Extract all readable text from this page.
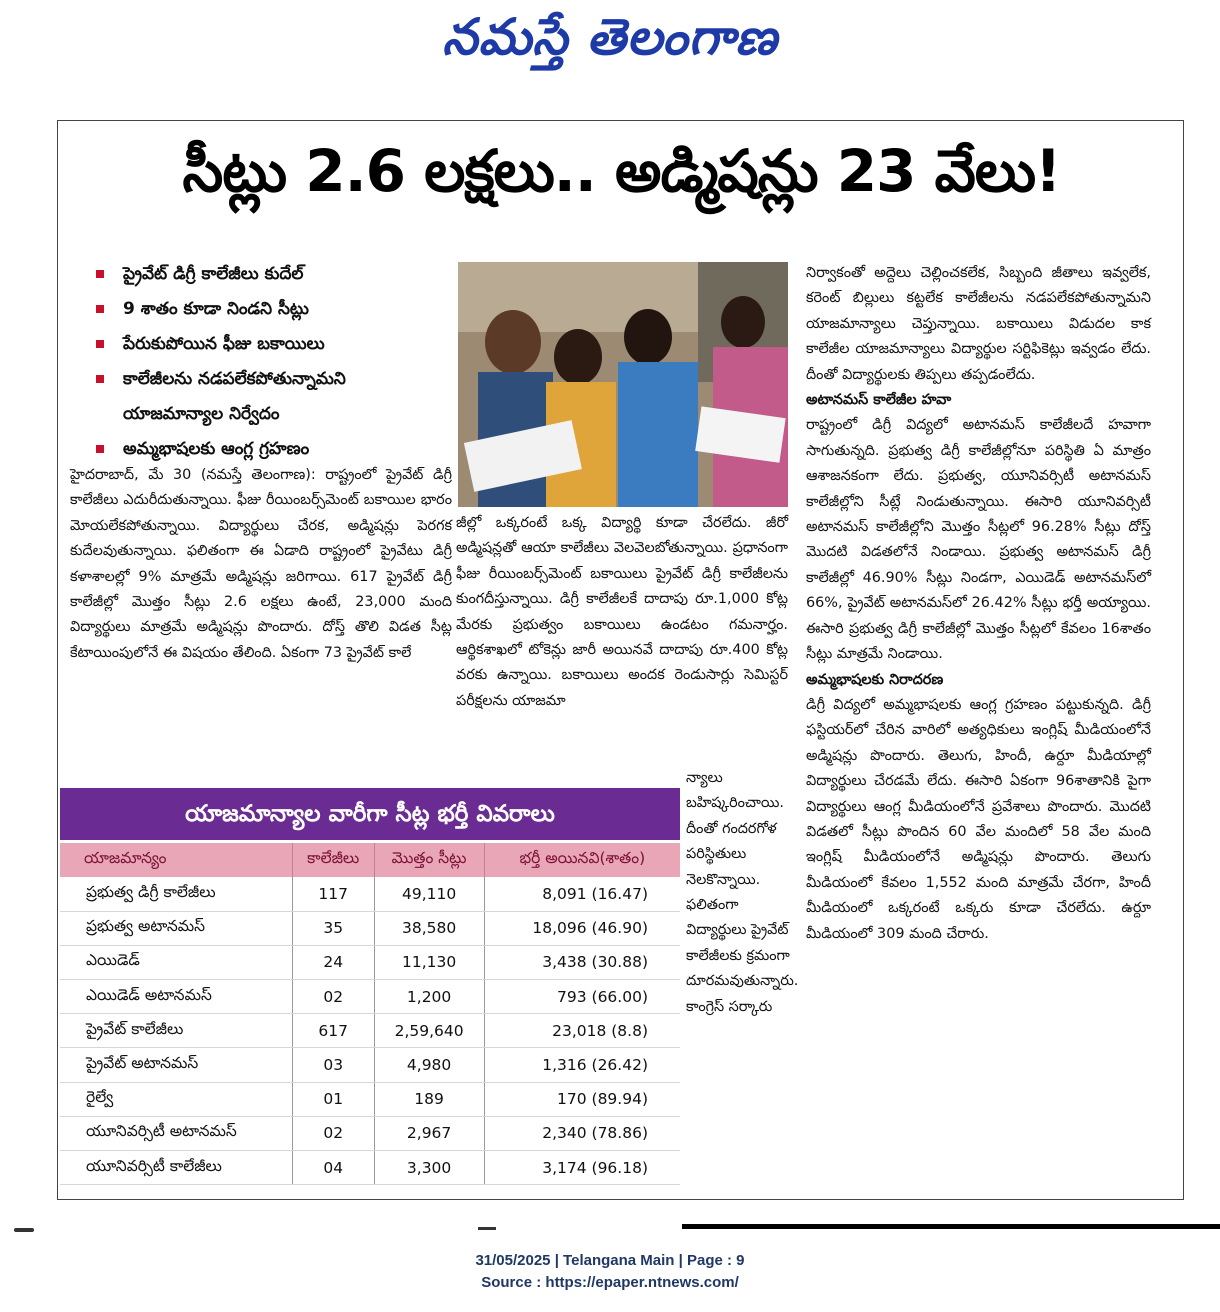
నమస్తే తెలంగాణ
సీట్లు 2.6 లక్షలు.. అడ్మిషన్లు 23 వేలు!
ప్రైవేట్ డిగ్రీ కాలేజీలు కుదేల్
9 శాతం కూడా నిండని సీట్లు
పేరుకుపోయిన ఫీజు బకాయిలు
కాలేజీలను నడపలేకపోతున్నామని
యాజమాన్యాల నిర్వేదం
అమ్మభాషలకు ఆంగ్ల గ్రహణం

హైదరాబాద్, మే 30 (నమస్తే తెలంగాణ): రాష్ట్రంలో ప్రైవేట్ డిగ్రీ కాలేజీలు ఎదురీదుతున్నాయి. ఫీజు రీయింబర్స్‌మెంట్ బకాయిల భారం మోయలేకపోతున్నాయి. విద్యార్థులు చేరక, అడ్మిషన్లు పెరగక కుదేలవుతున్నాయి. ఫలితంగా ఈ ఏడాది రాష్ట్రంలో ప్రైవేటు డిగ్రీ కళాశాలల్లో 9% మాత్రమే అడ్మిషన్లు జరిగాయి. 617 ప్రైవేట్ డిగ్రీ కాలేజీల్లో మొత్తం సీట్లు 2.6 లక్షలు ఉంటే, 23,000 మంది విద్యార్థులు మాత్రమే అడ్మిషన్లు పొందారు. దోస్త్ తొలి విడత సీట్ల కేటాయింపులోనే ఈ విషయం తేలింది. ఏకంగా 73 ప్రైవేట్ కాలే

జీల్లో ఒక్కరంటే ఒక్క విద్యార్థి కూడా చేరలేదు. జీరో అడ్మిషన్లతో ఆయా కాలేజీలు వెలవెలబోతున్నాయి. ప్రధానంగా ఫీజు రీయింబర్స్‌మెంట్ బకాయిలు ప్రైవేట్ డిగ్రీ కాలేజీలను కుంగదీస్తున్నాయి. డిగ్రీ కాలేజీలకే దాదాపు రూ.1,000 కోట్ల మేరకు ప్రభుత్వం బకాయిలు ఉండటం గమనార్హం. ఆర్థికశాఖలో టోకెన్లు జారీ అయినవే దాదాపు రూ.400 కోట్ల వరకు ఉన్నాయి. బకాయిలు అందక రెండుసార్లు సెమిస్టర్ పరీక్షలను యాజమా

న్యాలు బహిష్కరించాయి. దీంతో గందరగోళ పరిస్థితులు నెలకొన్నాయి. ఫలితంగా విద్యార్థులు ప్రైవేట్ కాలేజీలకు క్రమంగా దూరమవుతున్నారు. కాంగ్రెస్ సర్కారు

నిర్వాకంతో అద్దెలు చెల్లించకలేక, సిబ్బంది జీతాలు ఇవ్వలేక, కరెంట్ బిల్లులు కట్టలేక కాలేజీలను నడపలేకపోతున్నామని యాజమాన్యాలు చెప్తున్నాయి. బకాయిలు విడుదల కాక కాలేజీల యాజమాన్యాలు విద్యార్థుల సర్టిఫికెట్లు ఇవ్వడం లేదు. దీంతో విద్యార్థులకు తిప్పలు తప్పడంలేదు.

అటానమస్ కాలేజీల హవా

రాష్ట్రంలో డిగ్రీ విద్యలో అటానమస్ కాలేజీలదే హవాగా సాగుతున్నది. ప్రభుత్వ డిగ్రీ కాలేజీల్లోనూ పరిస్థితి ఏ మాత్రం ఆశాజనకంగా లేదు. ప్రభుత్వ, యూనివర్సిటీ అటానమస్ కాలేజీల్లోని సీట్లే నిండుతున్నాయి. ఈసారి యూనివర్సిటీ అటానమస్ కాలేజీల్లోని మొత్తం సీట్లలో 96.28% సీట్లు దోస్త్ మొదటి విడతలోనే నిండాయి. ప్రభుత్వ అటానమస్ డిగ్రీ కాలేజీల్లో 46.90% సీట్లు నిండగా, ఎయిడెడ్ అటానమస్‌లో 66%, ప్రైవేట్ అటానమస్‌లో 26.42% సీట్లు భర్తీ అయ్యాయి. ఈసారి ప్రభుత్వ డిగ్రీ కాలేజీల్లో మొత్తం సీట్లలో కేవలం 16శాతం సీట్లు మాత్రమే నిండాయి.

అమ్మభాషలకు నిరాదరణ

డిగ్రీ విద్యలో అమ్మభాషలకు ఆంగ్ల గ్రహణం పట్టుకున్నది. డిగ్రీ ఫస్టియర్‌లో చేరిన వారిలో అత్యధికులు ఇంగ్లిష్ మీడియంలోనే అడ్మిషన్లు పొందారు. తెలుగు, హిందీ, ఉర్దూ మీడియాల్లో విద్యార్థులు చేరడమే లేదు. ఈసారి ఏకంగా 96శాతానికి పైగా విద్యార్థులు ఆంగ్ల మీడియంలోనే ప్రవేశాలు పొందారు. మొదటి విడతలో సీట్లు పొందిన 60 వేల మందిలో 58 వేల మంది ఇంగ్లిష్ మీడియంలోనే అడ్మిషన్లు పొందారు. తెలుగు మీడియంలో కేవలం 1,552 మంది మాత్రమే చేరగా, హిందీ మీడియంలో ఒక్కరంటే ఒక్కరు కూడా చేరలేదు. ఉర్దూ మీడియంలో 309 మంది చేరారు.

యాజమాన్యాల వారీగా సీట్ల భర్తీ వివరాలు
యాజమాన్యం	కాలేజీలు	మొత్తం సీట్లు	భర్తీ అయినవి(శాతం)
ప్రభుత్వ డిగ్రీ కాలేజీలు	117	49,110	8,091 (16.47)
ప్రభుత్వ అటానమస్	35	38,580	18,096 (46.90)
ఎయిడెడ్	24	11,130	3,438 (30.88)
ఎయిడెడ్ అటానమస్	02	1,200	793 (66.00)
ప్రైవేట్ కాలేజీలు	617	2,59,640	23,018 (8.8)
ప్రైవేట్ అటానమస్	03	4,980	1,316 (26.42)
రైల్వే	01	189	170 (89.94)
యూనివర్సిటీ అటానమస్	02	2,967	2,340 (78.86)
యూనివర్సిటీ కాలేజీలు	04	3,300	3,174 (96.18)
31/05/2025 | Telangana Main | Page : 9
Source : https://epaper.ntnews.com/
